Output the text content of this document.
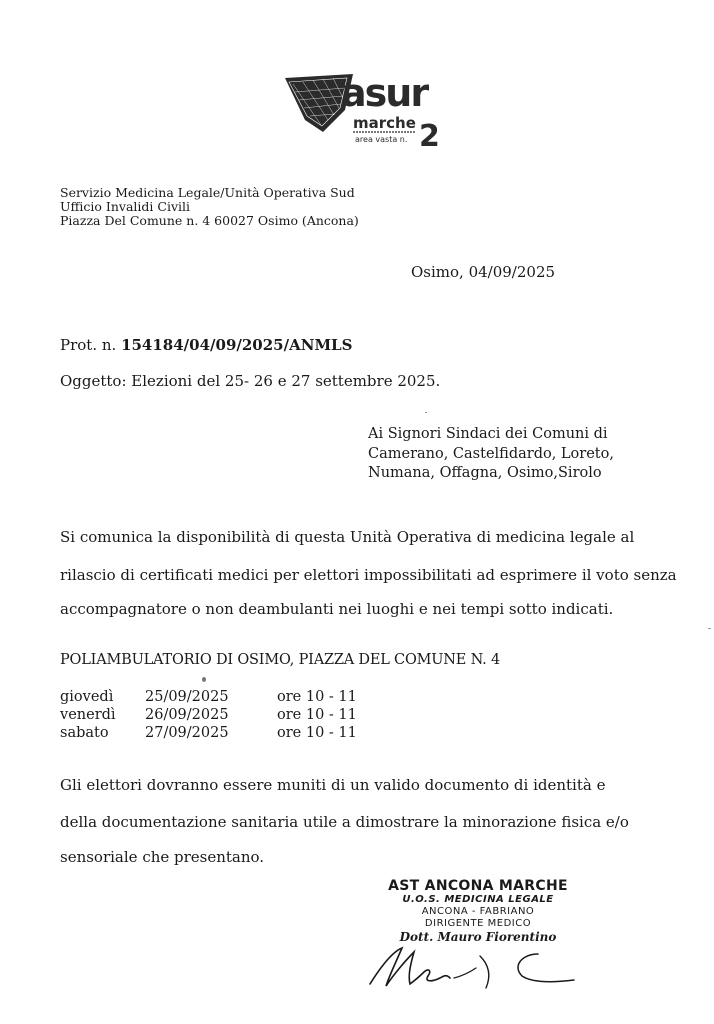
asur
marche
area vasta n. 2
Servizio Medicina Legale/Unità Operativa Sud
Ufficio Invalidi Civili
Piazza Del Comune n. 4 60027 Osimo (Ancona)
Osimo, 04/09/2025
Prot. n. 154184/04/09/2025/ANMLS
Oggetto: Elezioni del 25- 26 e 27 settembre 2025.
Ai Signori Sindaci dei Comuni di
Camerano, Castelfidardo, Loreto,
Numana, Offagna, Osimo,Sirolo
Si comunica la disponibilità di questa Unità Operativa di medicina legale al
rilascio di certificati medici per elettori impossibilitati ad esprimere il voto senza
accompagnatore o non deambulanti nei luoghi e nei tempi sotto indicati.
POLIAMBULATORIO DI OSIMO, PIAZZA DEL COMUNE N. 4
giovedì 25/09/2025	ore 10 - 11
venerdì 26/09/2025	ore 10 - 11
sabato	27/09/2025	ore 10 - 11
Gli elettori dovranno essere muniti di un valido documento di identità e
della documentazione sanitaria utile a dimostrare la minorazione fisica e/o
sensoriale che presentano.
AST ANCONA MARCHE
U.O.S. MEDICINA LEGALE
ANCONA - FABRIANO
DIRIGENTE MEDICO
Dott. Mauro Fiorentino
